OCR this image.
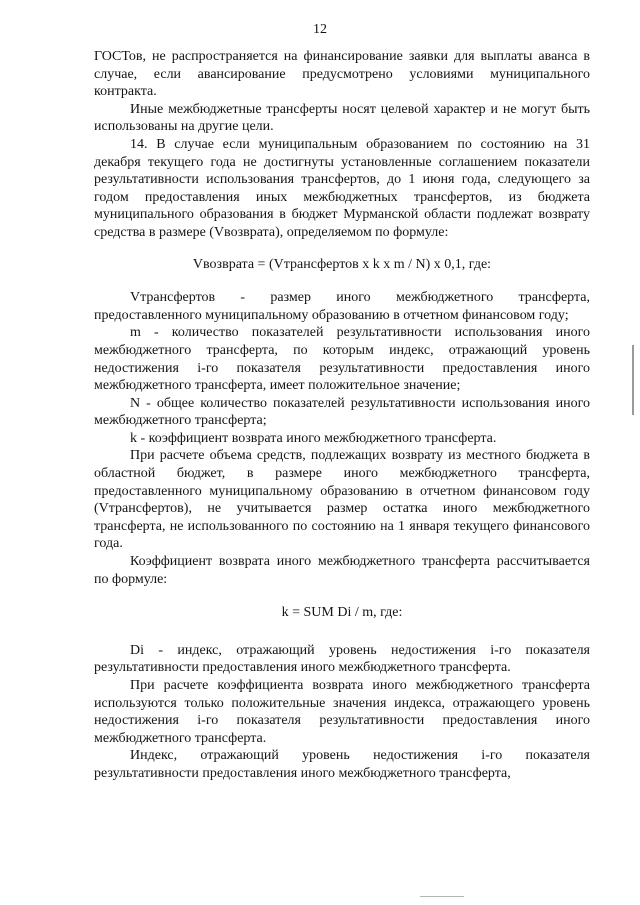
12

ГОСТов, не распространяется на финансирование заявки для выплаты аванса в случае, если авансирование предусмотрено условиями муниципального контракта.

Иные межбюджетные трансферты носят целевой характер и не могут быть использованы на другие цели.

14. В случае если муниципальным образованием по состоянию на 31 декабря текущего года не достигнуты установленные соглашением показатели результативности использования трансфертов, до 1 июня года, следующего за годом предоставления иных межбюджетных трансфертов, из бюджета муниципального образования в бюджет Мурманской области подлежат возврату средства в размере (Vвозврата), определяемом по формуле:

Vвозврата = (Vтрансфертов x k x m / N) x 0,1, где:

Vтрансфертов - размер иного межбюджетного трансферта, предоставленного муниципальному образованию в отчетном финансовом году;

m - количество показателей результативности использования иного межбюджетного трансферта, по которым индекс, отражающий уровень недостижения i-го показателя результативности предоставления иного межбюджетного трансферта, имеет положительное значение;

N - общее количество показателей результативности использования иного межбюджетного трансферта;

k - коэффициент возврата иного межбюджетного трансферта.

При расчете объема средств, подлежащих возврату из местного бюджета в областной бюджет, в размере иного межбюджетного трансферта, предоставленного муниципальному образованию в отчетном финансовом году (Vтрансфертов), не учитывается размер остатка иного межбюджетного трансферта, не использованного по состоянию на 1 января текущего финансового года.

Коэффициент возврата иного межбюджетного трансферта рассчитывается по формуле:

k = SUM Di / m, где:

Di - индекс, отражающий уровень недостижения i-го показателя результативности предоставления иного межбюджетного трансферта.

При расчете коэффициента возврата иного межбюджетного трансферта используются только положительные значения индекса, отражающего уровень недостижения i-го показателя результативности предоставления иного межбюджетного трансферта.

Индекс, отражающий уровень недостижения i-го показателя результативности предоставления иного межбюджетного трансферта,
